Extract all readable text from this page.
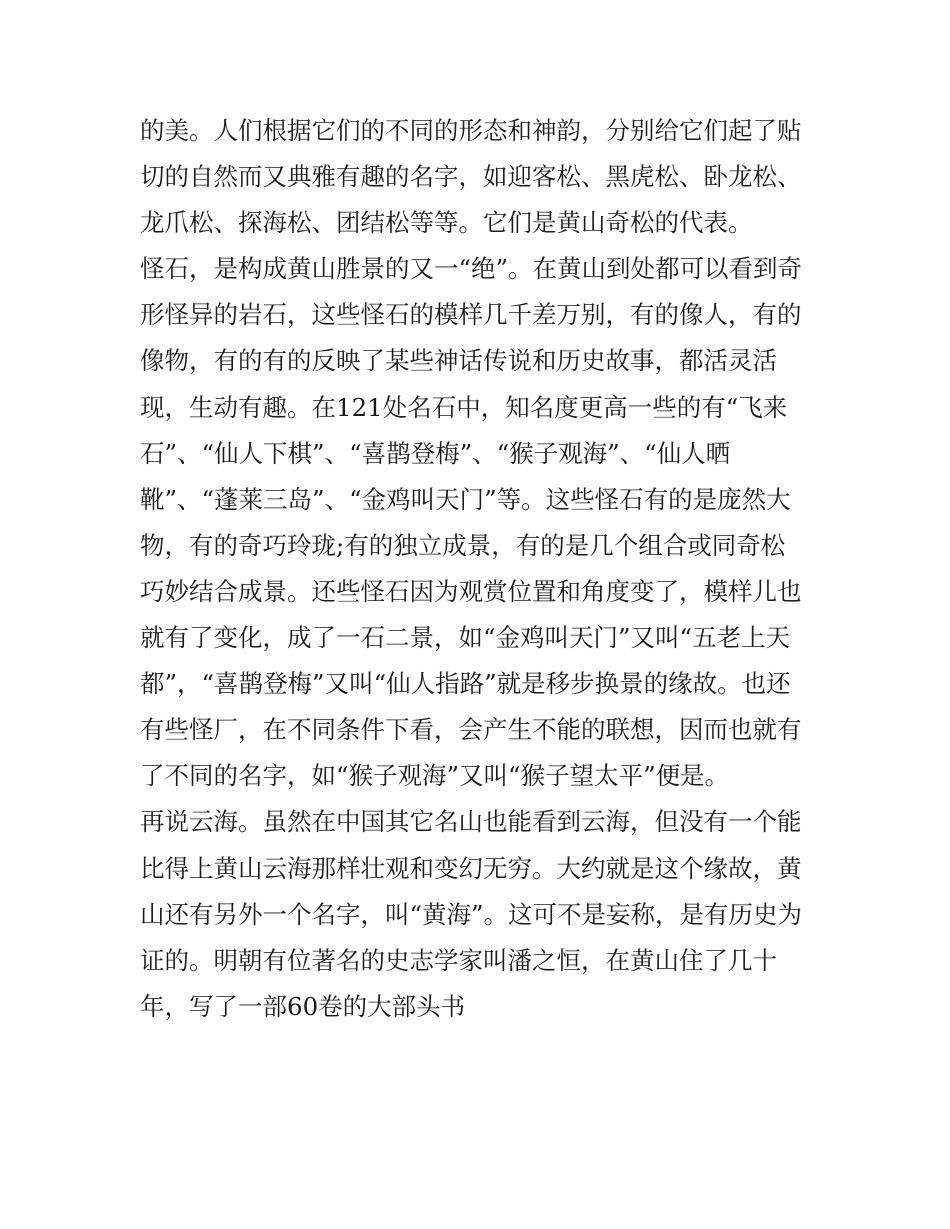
的美。人们根据它们的不同的形态和神韵，分别给它们起了贴
切的自然而又典雅有趣的名字，如迎客松、黑虎松、卧龙松、
龙爪松、探海松、团结松等等。它们是黄山奇松的代表。
怪石，是构成黄山胜景的又一“绝”。在黄山到处都可以看到奇
形怪异的岩石，这些怪石的模样几千差万别，有的像人，有的
像物，有的有的反映了某些神话传说和历史故事，都活灵活
现，生动有趣。在121处名石中，知名度更高一些的有“飞来
石”、“仙人下棋”、“喜鹊登梅”、“猴子观海”、“仙人晒
靴”、“蓬莱三岛”、“金鸡叫天门”等。这些怪石有的是庞然大
物，有的奇巧玲珑;有的独立成景，有的是几个组合或同奇松
巧妙结合成景。还些怪石因为观赏位置和角度变了，模样儿也
就有了变化，成了一石二景，如“金鸡叫天门”又叫“五老上天
都”，“喜鹊登梅”又叫“仙人指路”就是移步换景的缘故。也还
有些怪厂，在不同条件下看，会产生不能的联想，因而也就有
了不同的名字，如“猴子观海”又叫“猴子望太平”便是。
再说云海。虽然在中国其它名山也能看到云海，但没有一个能
比得上黄山云海那样壮观和变幻无穷。大约就是这个缘故，黄
山还有另外一个名字，叫“黄海”。这可不是妄称，是有历史为
证的。明朝有位著名的史志学家叫潘之恒，在黄山住了几十
年，写了一部60卷的大部头书
